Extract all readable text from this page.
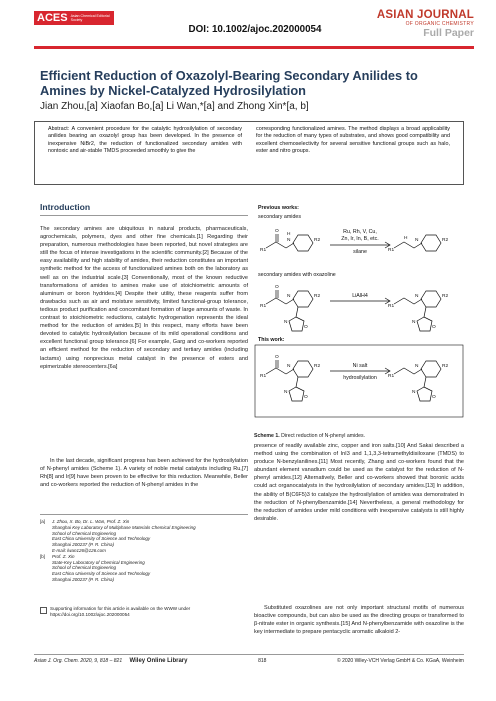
ACES Asian Chemical Editorial Society
DOI: 10.1002/ajoc.202000054
ASIAN JOURNAL
OF ORGANIC CHEMISTRY
Full Paper
Efficient Reduction of Oxazolyl-Bearing Secondary Anilides to Amines by Nickel-Catalyzed Hydrosilylation
Jian Zhou,[a] Xiaofan Bo,[a] Li Wan,*[a] and Zhong Xin*[a, b]
Abstract: A convenient procedure for the catalytic hydrosilylation of secondary anilides bearing an oxazolyl group has been developed. In the presence of inexpensive NiBr2, the reduction of functionalized secondary amides with nontoxic and air-stable TMDS proceeded smoothly to give the
corresponding functionalized amines. The method displays a broad applicability for the reduction of many types of substrates, and shows good compatibility and excellent chemoselectivity for several sensitive functional groups such as halo, ester and nitro groups.
Introduction
The secondary amines are ubiquitous in natural products, pharmaceuticals, agrochemicals, polymers, dyes and other fine chemicals.[1] Regarding their preparation, numerous methodologies have been reported, but novel strategies are still the focus of intense investigations in the scientific community.[2] Because of the easy availability and high stability of amides, their reduction constitutes an important synthetic method for the access of functionalized amines both on the laboratory as well as on the industrial scale.[3] Conventionally, most of the known reductive transformations of amides to amines make use of stoichiometric amounts of aluminum or boron hydrides.[4] Despite their utility, these reagents suffer from drawbacks such as air and moisture sensitivity, limited functional-group tolerance, tedious product purification and concomitant formation of large amounts of waste. In contrast to stoichiometric reductions, catalytic hydrogenation represents the ideal method for the reduction of amides.[5] In this respect, many efforts have been devoted to catalytic hydrosilylation because of its mild operational conditions and excellent functional group tolerance.[6] For example, Garg and co-workers reported an efficient method for the reduction of secondary and tertiary amides (including lactams) using nonprecious metal catalyst in the presence of esters and epimerizable stereocenters.[6a]
In the last decade, significant progress has been achieved for the hydrosilylation of N-phenyl amides (Scheme 1). A variety of noble metal catalysts including Ru,[7] Rh[8] and Ir[9] have been proven to be effective for this reduction. Meanwhile, Beller and co-workers reported the reduction of N-phenyl amides in the
[a] J. Zhou, X. Bo, Dr. L. Wan, Prof. Z. Xin
Shanghai Key Laboratory of Multiphase Materials Chemical Engineering
School of Chemical Engineering
East China University of Science and Technology
Shanghai 200237 (P. R. China)
E-mail: lwan126@126.com
[b] Prof. Z. Xin
State-Key Laboratory of Chemical Engineering
School of Chemical Engineering
East China University of Science and Technology
Shanghai 200237 (P. R. China)
Supporting information for this article is available on the WWW under https://doi.org/10.1002/ajoc.202000054
Previous works:
secondary amides
Ru, Rh, V, Cu,
Zn, Ir, In, B, etc.
silane
secondary amides with oxazoline
LiAlH4
This work:
Ni salt
hydrosilylation
R1
O
N
H
R2
R1
H N	R2
R1
O
N	R2
N
O
R1
N	R2
N
O
R1
O
N	R2
N
O
R1
N	R2
N
O
Scheme 1. Direct reduction of N-phenyl amides.
presence of readily available zinc, copper and iron salts.[10] And Sakai described a method using the combination of InI3 and 1,1,3,3-tetramethyldisiloxane (TMDS) to produce N-benzylanilines.[11] Most recently, Zhang and co-workers found that the abundant element vanadium could be used as the catalyst for the reduction of N-phenyl amides.[12] Alternatively, Beller and co-workers showed that boronic acids could act organocatalysts in the hydrosilylation of secondary amides.[13] In addition, the ability of B(C6F5)3 to catalyze the hydrosilylation of amides was demonstrated in the reduction of N-phenylbenzamide.[14] Nevertheless, a general methodology for the reduction of amides under mild conditions with inexpensive catalysts is still highly desirable.
Substituted oxazolines are not only important structural motifs of numerous bioactive compounds, but can also be used as the directing groups or transformed to β-nitrate ester in organic synthesis.[15] And N-phenylbenzamide with oxazoline is the key intermediate to prepare pentacyclic aromatic alkaloid 2-
Asian J. Org. Chem. 2020, 9, 818 – 821 Wiley Online Library	818	© 2020 Wiley-VCH Verlag GmbH & Co. KGaA, Weinheim
